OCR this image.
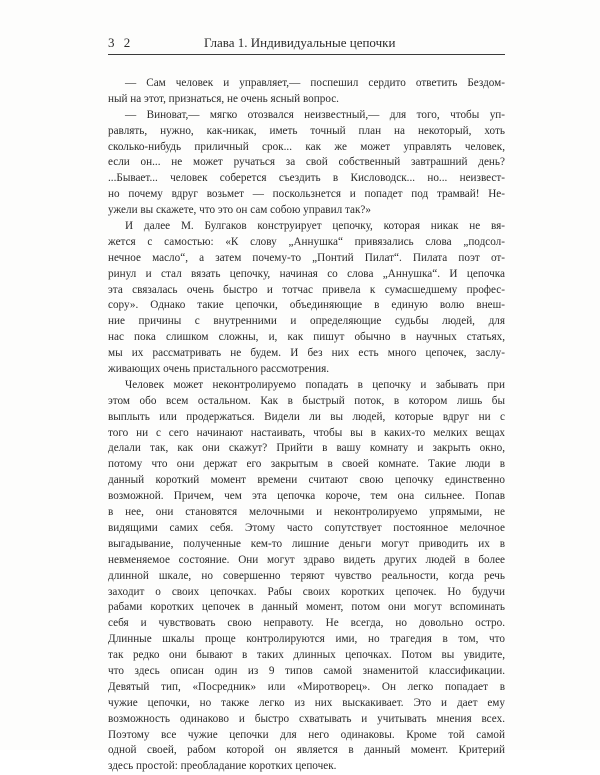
3 2	Глава 1. Индивидуальные цепочки
— Сам человек и управляет,— поспешил сердито ответить Бездом-
ный на этот, признаться, не очень ясный вопрос.
— Виноват,— мягко отозвался неизвестный,— для того, чтобы уп-
равлять, нужно, как-никак, иметь точный план на некоторый, хоть
сколько-нибудь приличный срок... как же может управлять человек,
если он... не может ручаться за свой собственный завтрашний день?
...Бывает... человек соберется съездить в Кисловодск... но... неизвест-
но почему вдруг возьмет — поскользнется и попадет под трамвай! Не-
ужели вы скажете, что это он сам собою управил так?»
И далее М. Булгаков конструирует цепочку, которая никак не вя-
жется с самостью: «К слову „Аннушка“ привязались слова „подсол-
нечное масло“, а затем почему-то „Понтий Пилат“. Пилата поэт от-
ринул и стал вязать цепочку, начиная со слова „Аннушка“. И цепочка
эта связалась очень быстро и тотчас привела к сумасшедшему профес-
сору». Однако такие цепочки, объединяющие в единую волю внеш-
ние причины с внутренними и определяющие судьбы людей, для
нас пока слишком сложны, и, как пишут обычно в научных статьях,
мы их рассматривать не будем. И без них есть много цепочек, заслу-
живающих очень пристального рассмотрения.
Человек может неконтролируемо попадать в цепочку и забывать при
этом обо всем остальном. Как в быстрый поток, в котором лишь бы
выплыть или продержаться. Видели ли вы людей, которые вдруг ни с
того ни с сего начинают настаивать, чтобы вы в каких-то мелких вещах
делали так, как они скажут? Прийти в вашу комнату и закрыть окно,
потому что они держат его закрытым в своей комнате. Такие люди в
данный короткий момент времени считают свою цепочку единственно
возможной. Причем, чем эта цепочка короче, тем она сильнее. Попав
в нее, они становятся мелочными и неконтролируемо упрямыми, не
видящими самих себя. Этому часто сопутствует постоянное мелочное
выгадывание, полученные кем-то лишние деньги могут приводить их в
невменяемое состояние. Они могут здраво видеть других людей в более
длинной шкале, но совершенно теряют чувство реальности, когда речь
заходит о своих цепочках. Рабы своих коротких цепочек. Но будучи
рабами коротких цепочек в данный момент, потом они могут вспоминать
себя и чувствовать свою неправоту. Не всегда, но довольно остро.
Длинные шкалы проще контролируются ими, но трагедия в том, что
так редко они бывают в таких длинных цепочках. Потом вы увидите,
что здесь описан один из 9 типов самой знаменитой классификации.
Девятый тип, «Посредник» или «Миротворец». Он легко попадает в
чужие цепочки, но также легко из них выскакивает. Это и дает ему
возможность одинаково и быстро схватывать и учитывать мнения всех.
Поэтому все чужие цепочки для него одинаковы. Кроме той самой
одной своей, рабом которой он является в данный момент. Критерий
здесь простой: преобладание коротких цепочек.
